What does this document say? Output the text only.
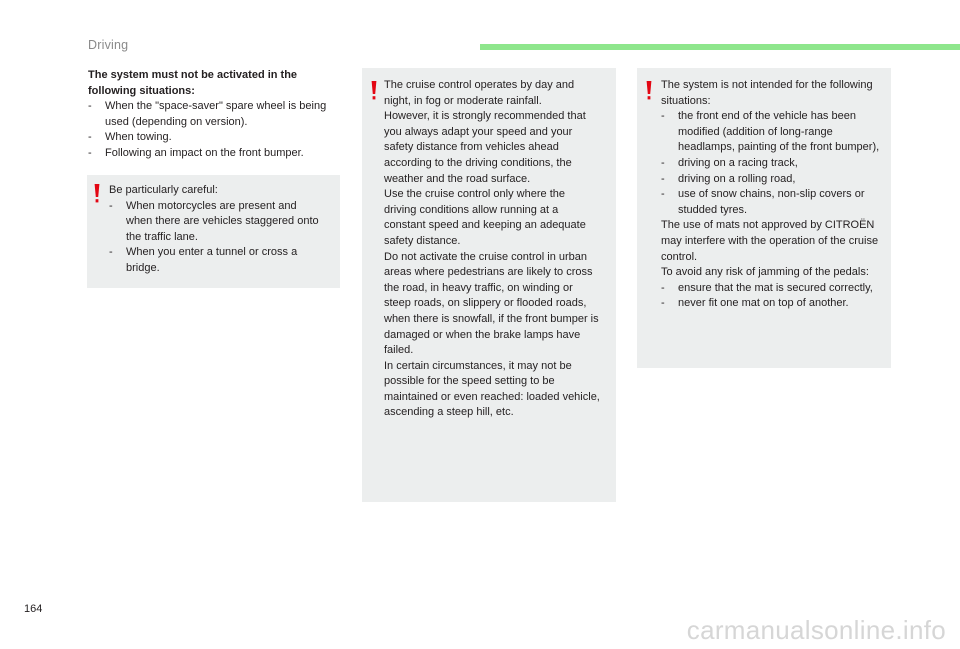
Driving

The system must not be activated in the following situations:

- When the "space-saver" spare wheel is being used (depending on version).
- When towing.
- Following an impact on the front bumper.

Be particularly careful:

- When motorcycles are present and when there are vehicles staggered onto the traffic lane.
- When you enter a tunnel or cross a bridge.

The cruise control operates by day and night, in fog or moderate rainfall.

However, it is strongly recommended that you always adapt your speed and your safety distance from vehicles ahead according to the driving conditions, the weather and the road surface.

Use the cruise control only where the driving conditions allow running at a constant speed and keeping an adequate safety distance.

Do not activate the cruise control in urban areas where pedestrians are likely to cross the road, in heavy traffic, on winding or steep roads, on slippery or flooded roads, when there is snowfall, if the front bumper is damaged or when the brake lamps have failed.

In certain circumstances, it may not be possible for the speed setting to be maintained or even reached: loaded vehicle, ascending a steep hill, etc.

The system is not intended for the following situations:

- the front end of the vehicle has been modified (addition of long-range headlamps, painting of the front bumper),
- driving on a racing track,
- driving on a rolling road,
- use of snow chains, non-slip covers or studded tyres.

The use of mats not approved by CITROËN may interfere with the operation of the cruise control.

To avoid any risk of jamming of the pedals:

- ensure that the mat is secured correctly,
- never fit one mat on top of another.
164
carmanualsonline.info
